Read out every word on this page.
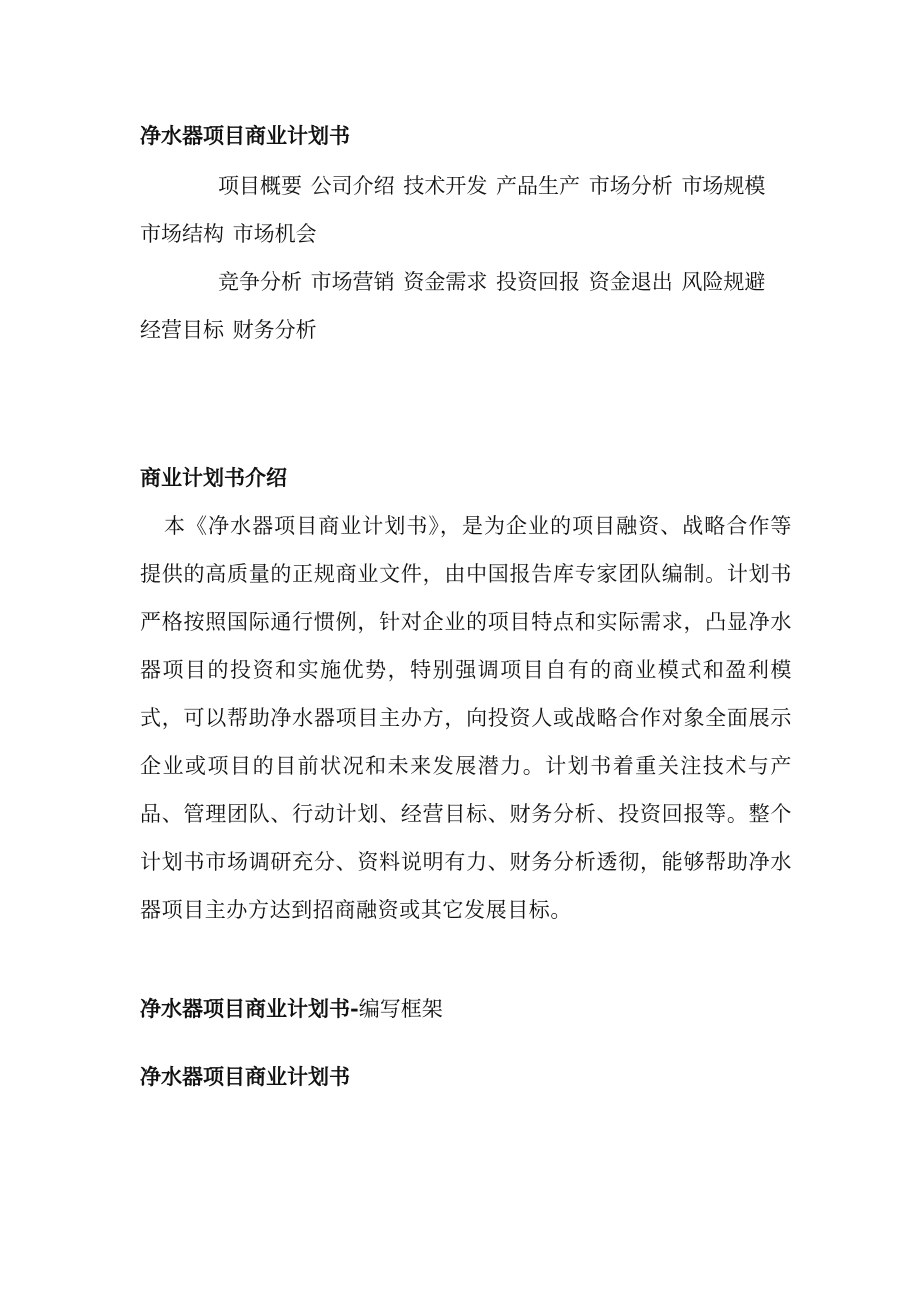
净水器项目商业计划书
项目概要 公司介绍 技术开发 产品生产 市场分析 市场规模 市场结构 市场机会
竞争分析 市场营销 资金需求 投资回报 资金退出 风险规避 经营目标 财务分析
商业计划书介绍
本《净水器项目商业计划书》，是为企业的项目融资、战略合作等提供的高质量的正规商业文件，由中国报告库专家团队编制。计划书严格按照国际通行惯例，针对企业的项目特点和实际需求，凸显净水器项目的投资和实施优势，特别强调项目自有的商业模式和盈利模式，可以帮助净水器项目主办方，向投资人或战略合作对象全面展示企业或项目的目前状况和未来发展潜力。计划书着重关注技术与产品、管理团队、行动计划、经营目标、财务分析、投资回报等。整个计划书市场调研充分、资料说明有力、财务分析透彻，能够帮助净水器项目主办方达到招商融资或其它发展目标。
净水器项目商业计划书-编写框架
净水器项目商业计划书
